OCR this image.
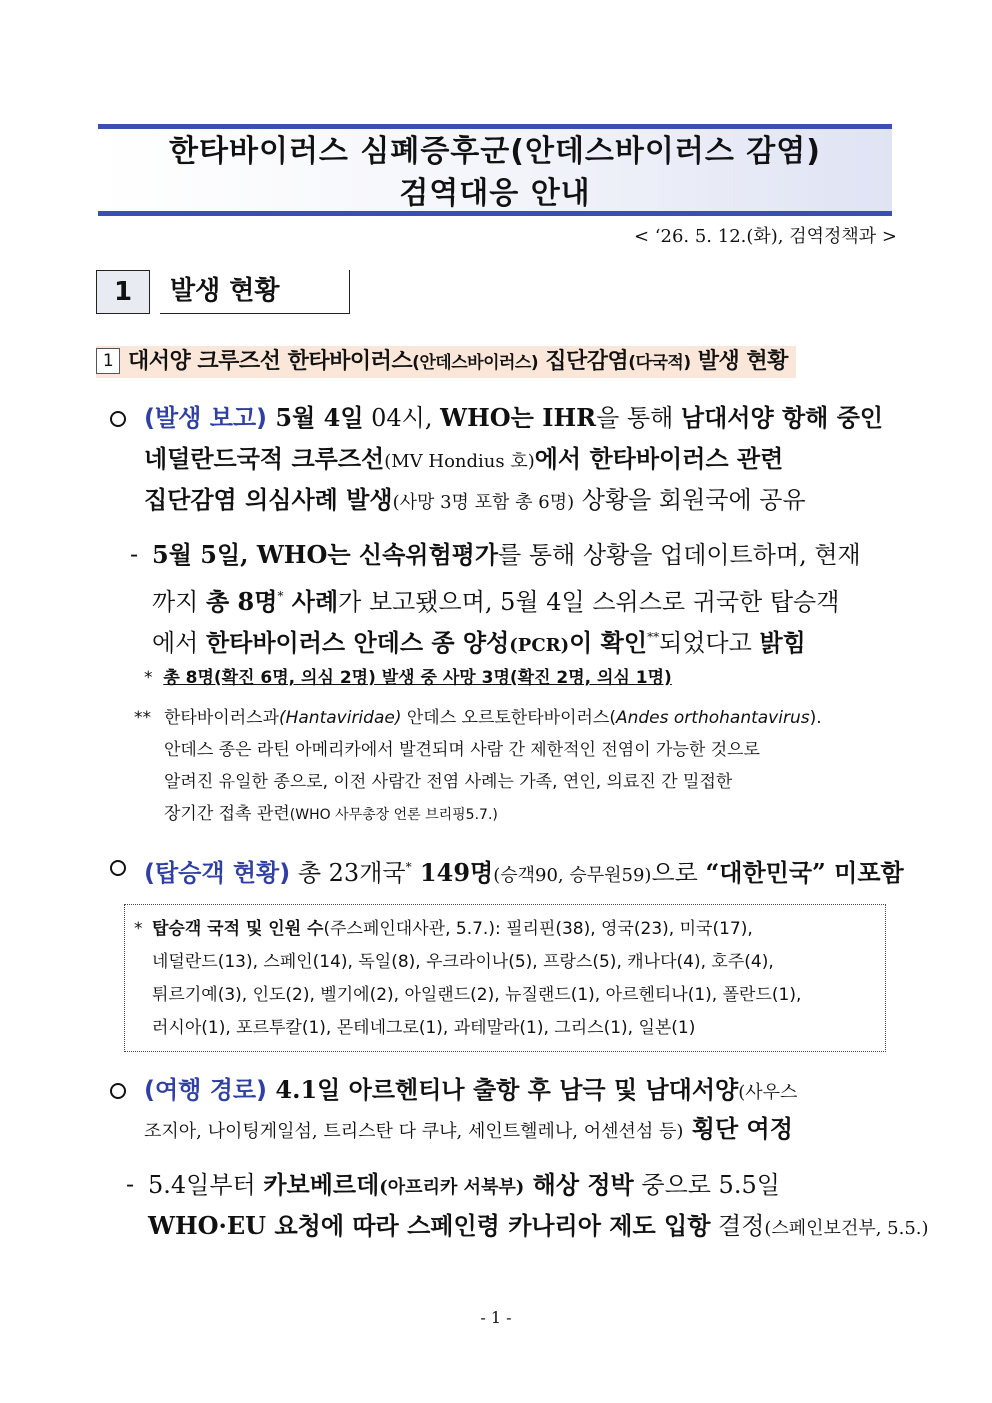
한타바이러스 심폐증후군(안데스바이러스 감염)
검역대응 안내
< ‘26. 5. 12.(화), 검역정책과 >
1	발생 현황
1 대서양 크루즈선 한타바이러스(안데스바이러스) 집단감염(다국적) 발생 현황
(발생 보고) 5월 4일 04시, WHO는 IHR을 통해 남대서양 항해 중인
네덜란드국적 크루즈선(MV Hondius 호)에서 한타바이러스 관련
집단감염 의심사례 발생(사망 3명 포함 총 6명) 상황을 회원국에 공유
- 5월 5일, WHO는 신속위험평가를 통해 상황을 업데이트하며, 현재
까지 총 8명* 사례가 보고됐으며, 5월 4일 스위스로 귀국한 탑승객
에서 한타바이러스 안데스 종 양성(PCR)이 확인**되었다고 밝힘
* 총 8명(확진 6명, 의심 2명) 발생 중 사망 3명(확진 2명, 의심 1명)
** 한타바이러스과(Hantaviridae) 안데스 오르토한타바이러스(Andes orthohantavirus).
안데스 종은 라틴 아메리카에서 발견되며 사람 간 제한적인 전염이 가능한 것으로
알려진 유일한 종으로, 이전 사람간 전염 사례는 가족, 연인, 의료진 간 밀접한
장기간 접촉 관련(WHO 사무총장 언론 브리핑5.7.)
(탑승객 현황) 총 23개국* 149명(승객90, 승무원59)으로 “대한민국” 미포함
* 탑승객 국적 및 인원 수(주스페인대사관, 5.7.): 필리핀(38), 영국(23), 미국(17),
네덜란드(13), 스페인(14), 독일(8), 우크라이나(5), 프랑스(5), 캐나다(4), 호주(4),
튀르기예(3), 인도(2), 벨기에(2), 아일랜드(2), 뉴질랜드(1), 아르헨티나(1), 폴란드(1),
러시아(1), 포르투칼(1), 몬테네그로(1), 과테말라(1), 그리스(1), 일본(1)
(여행 경로) 4.1일 아르헨티나 출항 후 남극 및 남대서양(사우스
조지아, 나이팅게일섬, 트리스탄 다 쿠냐, 세인트헬레나, 어센션섬 등) 횡단 여정
- 5.4일부터 카보베르데(아프리카 서북부) 해상 정박 중으로 5.5일
WHO·EU 요청에 따라 스페인령 카나리아 제도 입항 결정(스페인보건부, 5.5.)
- 1 -
